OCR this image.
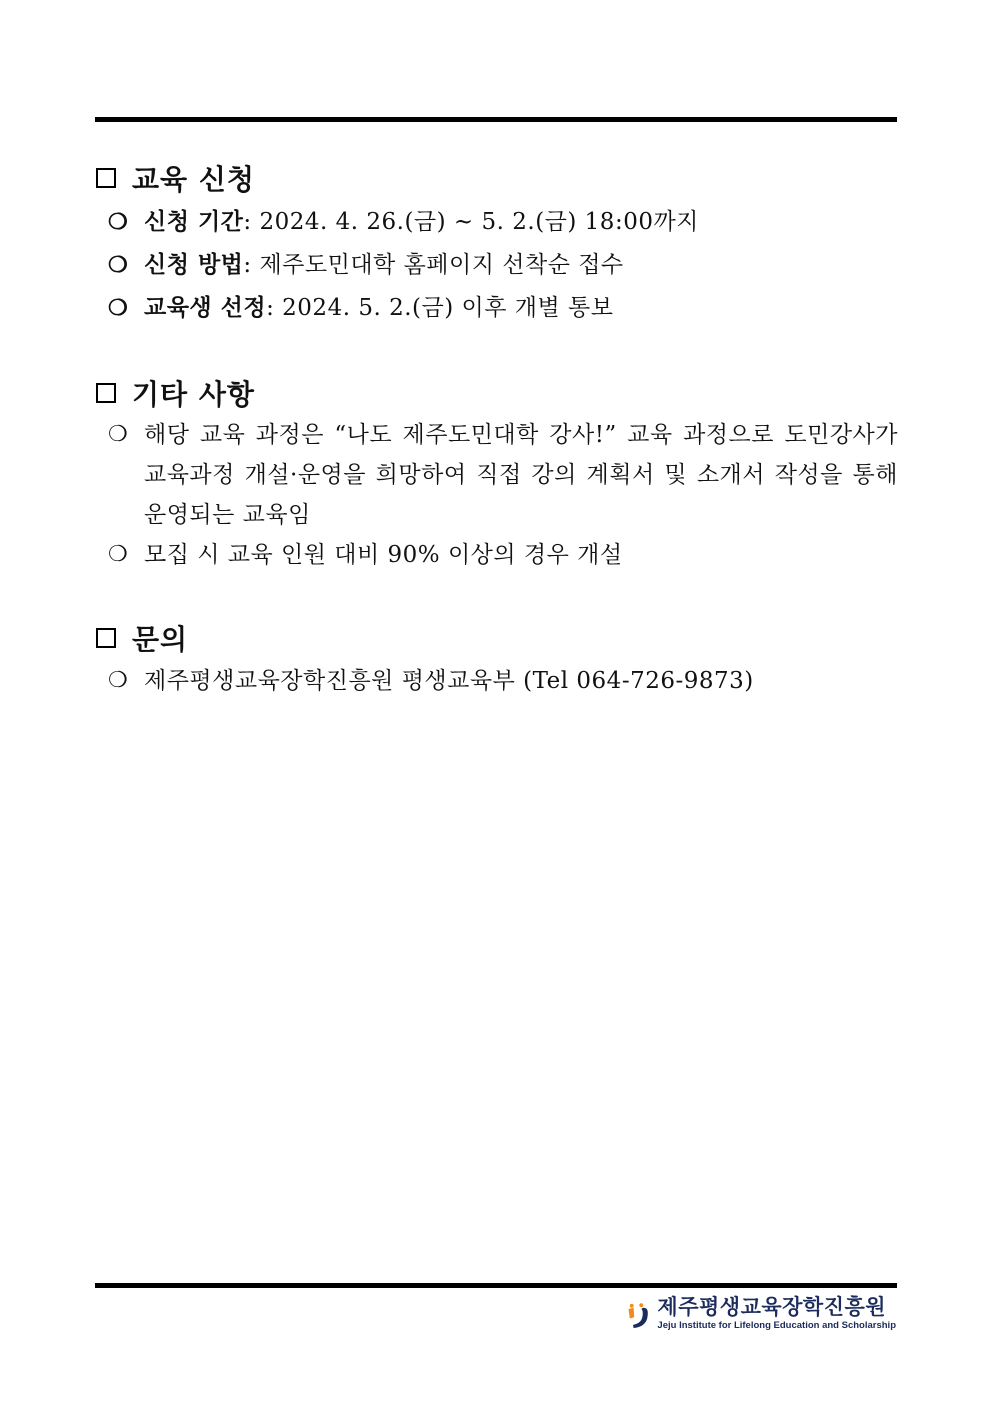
교육 신청
❍ 신청 기간: 2024. 4. 26.(금) ~ 5. 2.(금) 18:00까지
❍ 신청 방법: 제주도민대학 홈페이지 선착순 접수
❍ 교육생 선정: 2024. 5. 2.(금) 이후 개별 통보
기타 사항
❍ 해당 교육 과정은 “나도 제주도민대학 강사!” 교육 과정으로 도민강사가 교육과정 개설·운영을 희망하여 직접 강의 계획서 및 소개서 작성을 통해 운영되는 교육임
❍ 모집 시 교육 인원 대비 90% 이상의 경우 개설
문의
❍ 제주평생교육장학진흥원 평생교육부 (Tel 064-726-9873)
제주평생교육장학진흥원
Jeju Institute for Lifelong Education and Scholarship
